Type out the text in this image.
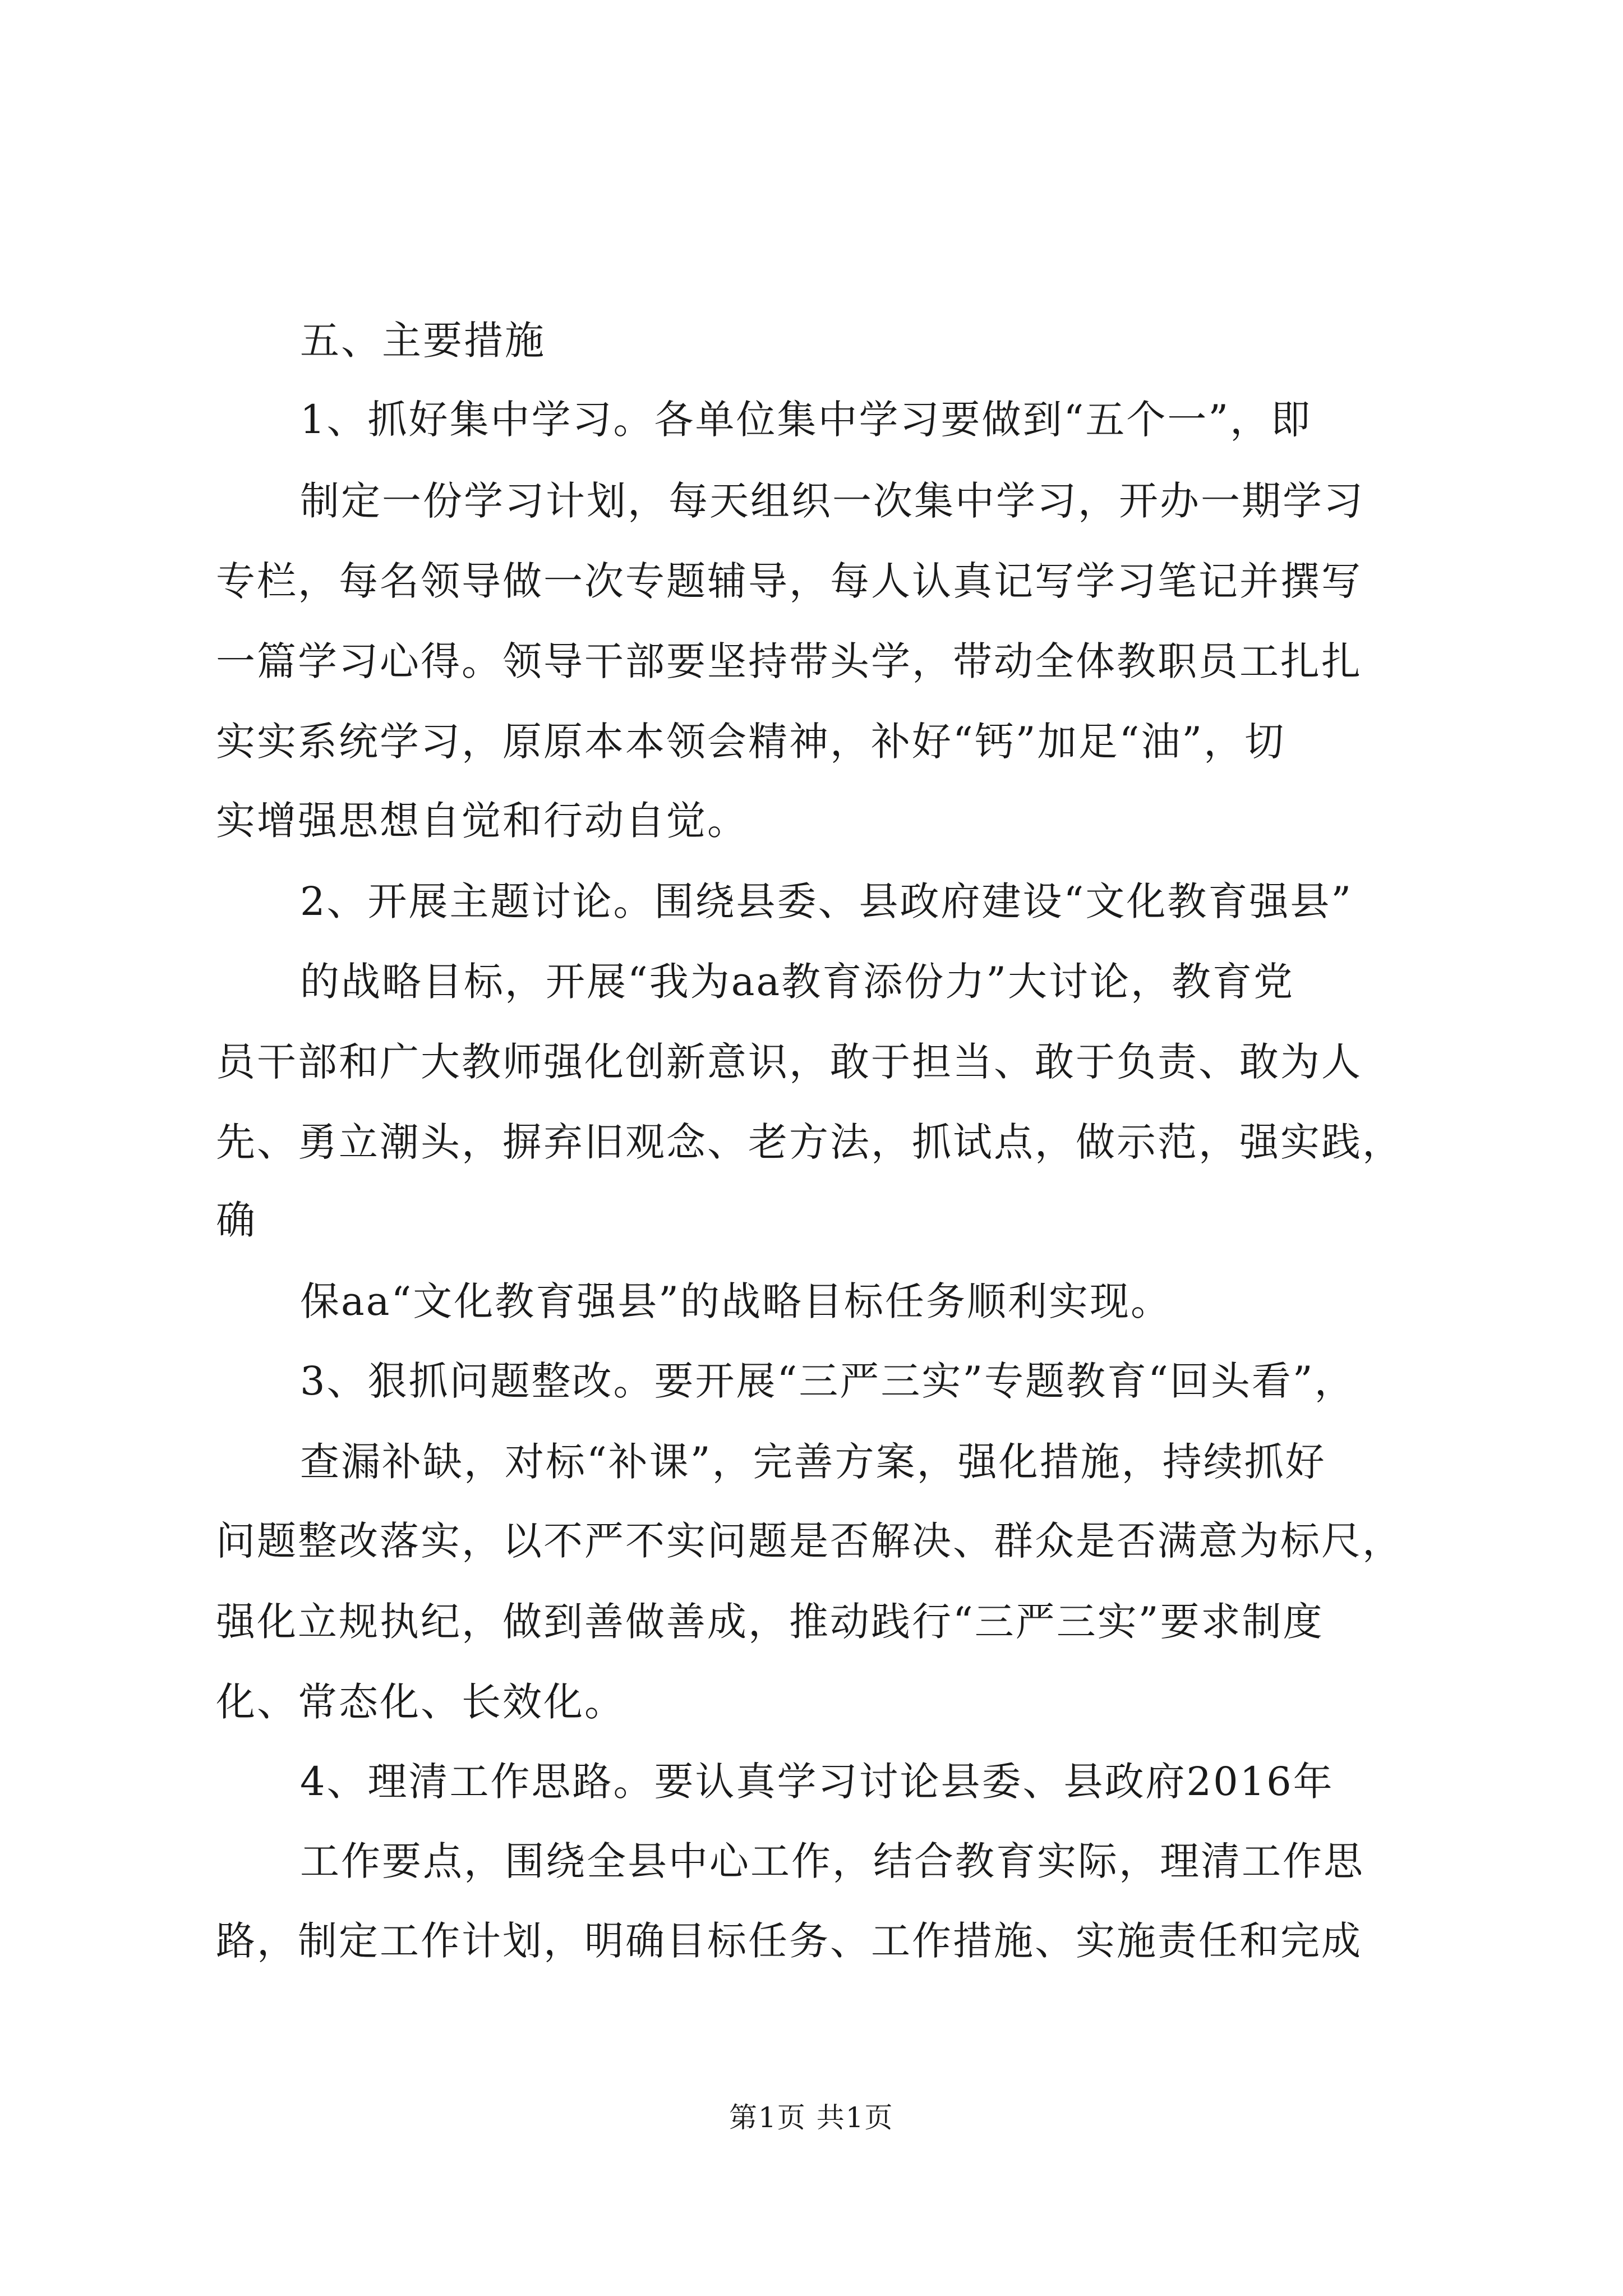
五、主要措施
1、抓好集中学习。各单位集中学习要做到“五个一”，即
制定一份学习计划，每天组织一次集中学习，开办一期学习
专栏，每名领导做一次专题辅导，每人认真记写学习笔记并撰写
一篇学习心得。领导干部要坚持带头学，带动全体教职员工扎扎
实实系统学习，原原本本领会精神，补好“钙”加足“油”，切
实增强思想自觉和行动自觉。
2、开展主题讨论。围绕县委、县政府建设“文化教育强县”
的战略目标，开展“我为aa教育添份力”大讨论，教育党
员干部和广大教师强化创新意识，敢于担当、敢于负责、敢为人
先、勇立潮头，摒弃旧观念、老方法，抓试点，做示范，强实践，
确
保aa“文化教育强县”的战略目标任务顺利实现。
3、狠抓问题整改。要开展“三严三实”专题教育“回头看”，
查漏补缺，对标“补课”，完善方案，强化措施，持续抓好
问题整改落实，以不严不实问题是否解决、群众是否满意为标尺，
强化立规执纪，做到善做善成，推动践行“三严三实”要求制度
化、常态化、长效化。
4、理清工作思路。要认真学习讨论县委、县政府2016年
工作要点，围绕全县中心工作，结合教育实际，理清工作思
路，制定工作计划，明确目标任务、工作措施、实施责任和完成
第1页 共1页
